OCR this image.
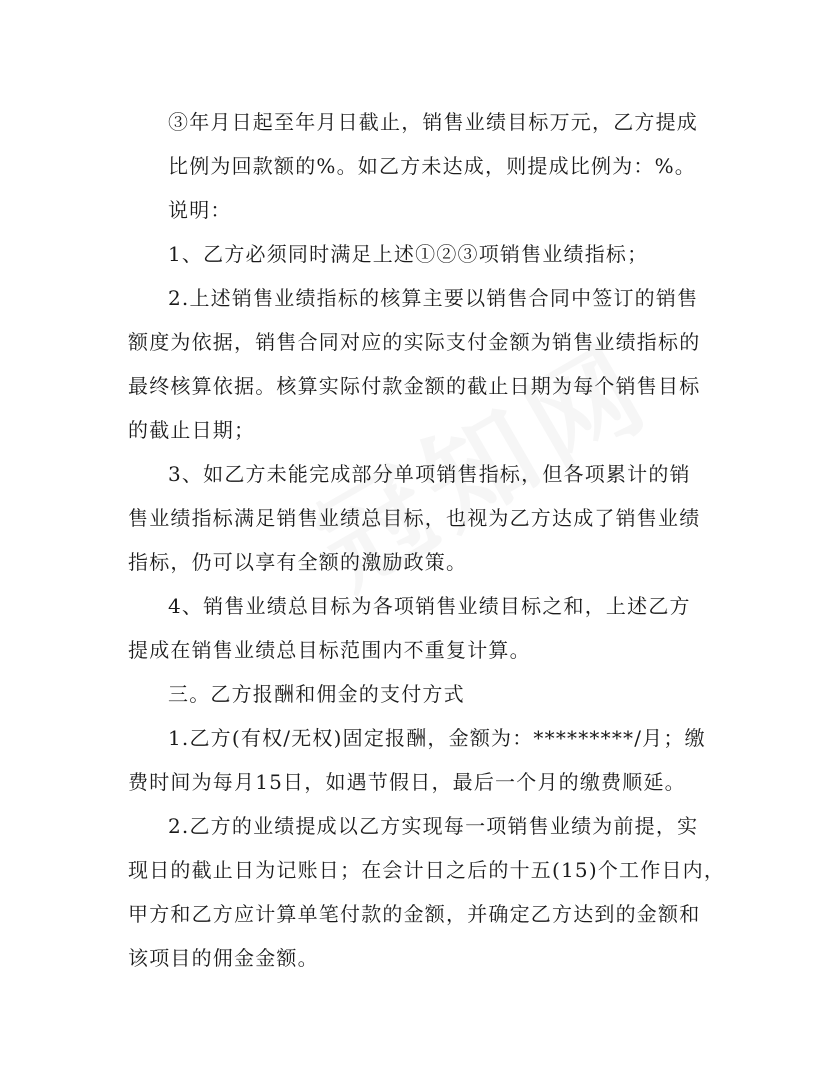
③年月日起至年月日截止，销售业绩目标万元，乙方提成
比例为回款额的%。如乙方未达成，则提成比例为：%。
说明：
1、乙方必须同时满足上述①②③项销售业绩指标；
2.上述销售业绩指标的核算主要以销售合同中签订的销售
额度为依据，销售合同对应的实际支付金额为销售业绩指标的
最终核算依据。核算实际付款金额的截止日期为每个销售目标
的截止日期；
3、如乙方未能完成部分单项销售指标，但各项累计的销
售业绩指标满足销售业绩总目标，也视为乙方达成了销售业绩
指标，仍可以享有全额的激励政策。
4、销售业绩总目标为各项销售业绩目标之和，上述乙方
提成在销售业绩总目标范围内不重复计算。
三。乙方报酬和佣金的支付方式
1.乙方(有权/无权)固定报酬，金额为：*********/月；缴
费时间为每月15日，如遇节假日，最后一个月的缴费顺延。
2.乙方的业绩提成以乙方实现每一项销售业绩为前提，实
现日的截止日为记账日；在会计日之后的十五(15)个工作日内，
甲方和乙方应计算单笔付款的金额，并确定乙方达到的金额和
该项目的佣金金额。
